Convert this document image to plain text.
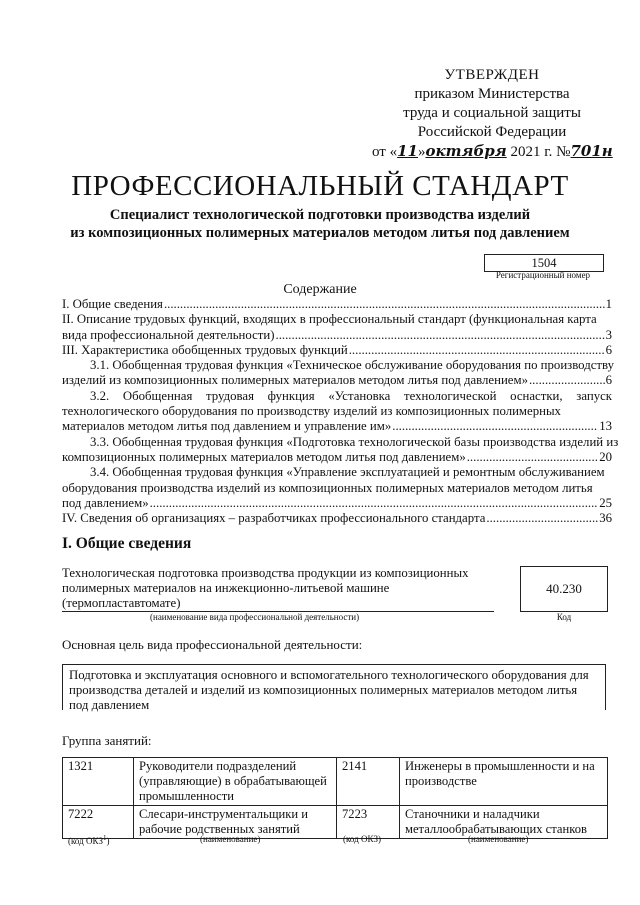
УТВЕРЖДЕН
приказом Министерства
труда и социальной защиты
Российской Федерации
от «11»октября 2021 г. №701н
ПРОФЕССИОНАЛЬНЫЙ СТАНДАРТ
Специалист технологической подготовки производства изделий
из композиционных полимерных материалов методом литья под давлением
1504
Регистрационный номер
Содержание
I. Общие сведения .....	1
II. Описание трудовых функций, входящих в профессиональный стандарт (функциональная карта
вида профессиональной деятельности) .....	3
III. Характеристика обобщенных трудовых функций .....	6
3.1. Обобщенная трудовая функция «Техническое обслуживание оборудования по производству
изделий из композиционных полимерных материалов методом литья под давлением» .....	6
3.2. Обобщенная трудовая функция «Установка технологической оснастки, запуск
технологического оборудования по производству изделий из композиционных полимерных
материалов методом литья под давлением и управление им» .....	13
3.3. Обобщенная трудовая функция «Подготовка технологической базы производства изделий из
композиционных полимерных материалов методом литья под давлением» .....	20
3.4. Обобщенная трудовая функция «Управление эксплуатацией и ремонтным обслуживанием
оборудования производства изделий из композиционных полимерных материалов методом литья
под давлением» .....	25
IV. Сведения об организациях – разработчиках профессионального стандарта .....	36
I. Общие сведения
Технологическая подготовка производства продукции из композиционных
полимерных материалов на инжекционно-литьевой машине
(термопластавтомате)
(наименование вида профессиональной деятельности)
40.230
Код
Основная цель вида профессиональной деятельности:
Подготовка и эксплуатация основного и вспомогательного технологического оборудования для
производства деталей и изделий из композиционных полимерных материалов методом литья
под давлением
Группа занятий:
1321	Руководители подразделений (управляющие) в обрабатывающей промышленности	2141	Инженеры в промышленности и на производстве
7222	Слесари-инструментальщики и рабочие родственных занятий	7223	Станочники и наладчики металлообрабатывающих станков
(код ОКЗ$^1$)	(наименование)	(код ОКЗ)	(наименование)
